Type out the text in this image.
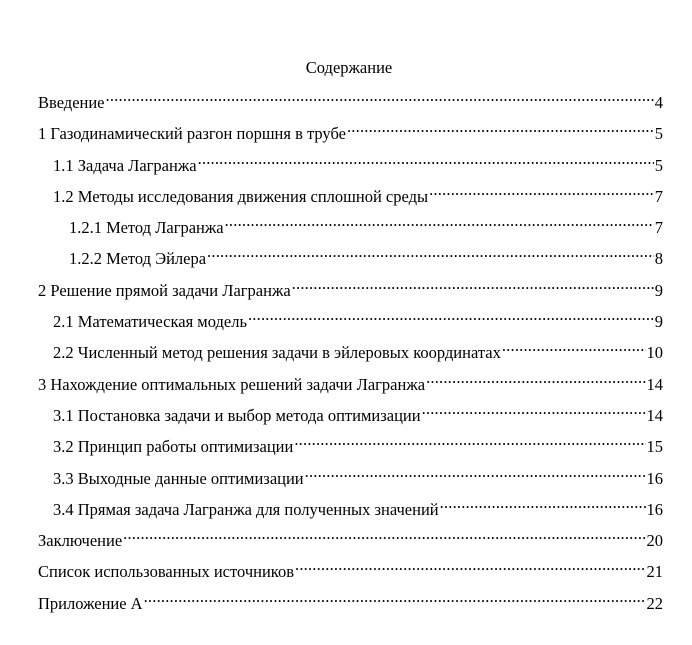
Содержание
Введение .....	4
1 Газодинамический разгон поршня в трубе .....	5
1.1 Задача Лагранжа .....	5
1.2 Методы исследования движения сплошной среды .....	7
1.2.1 Метод Лагранжа .....	7
1.2.2 Метод Эйлера .....	8
2 Решение прямой задачи Лагранжа .....	9
2.1 Математическая модель .....	9
2.2 Численный метод решения задачи в эйлеровых координатах .....	10
3 Нахождение оптимальных решений задачи Лагранжа .....	14
3.1 Постановка задачи и выбор метода оптимизации .....	14
3.2 Принцип работы оптимизации .....	15
3.3 Выходные данные оптимизации .....	16
3.4 Прямая задача Лагранжа для полученных значений .....	16
Заключение .....	20
Список использованных источников .....	21
Приложение А .....	22
